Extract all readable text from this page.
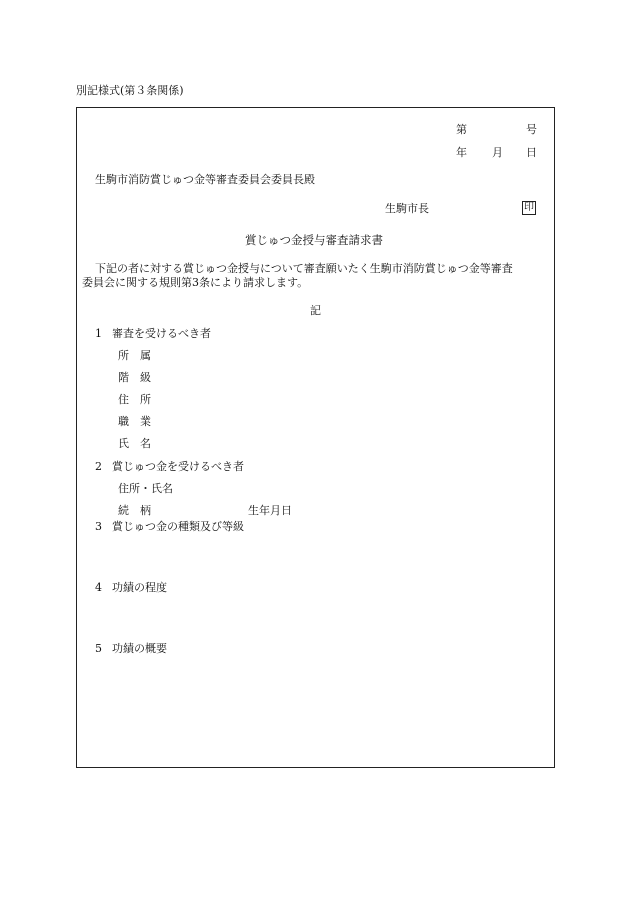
別記様式(第３条関係)
第	号
年 月 日
生駒市消防賞じゅつ金等審査委員会委員長殿
生駒市長	印
賞じゅつ金授与審査請求書
下記の者に対する賞じゅつ金授与について審査願いたく生駒市消防賞じゅつ金等審査
委員会に関する規則第3条により請求します。
記
1 審査を受けるべき者
所　属
階　級
住　所
職　業
氏　名
2 賞じゅつ金を受けるべき者
住所・氏名
続　柄	生年月日
3 賞じゅつ金の種類及び等級
4 功績の程度
5 功績の概要
